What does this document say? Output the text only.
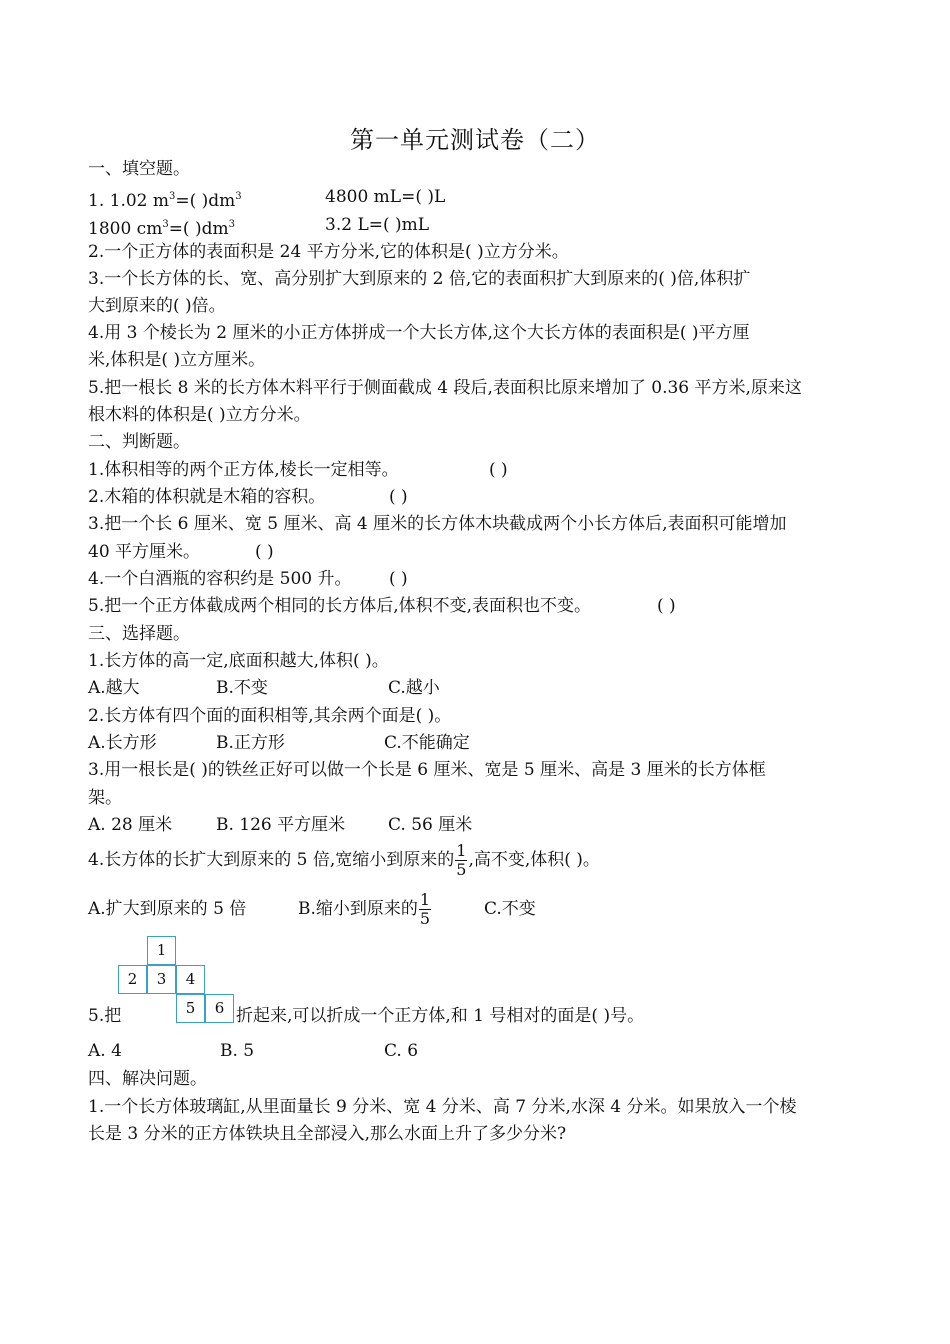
第一单元测试卷（二）
一、填空题。
1. 1.02 $m^3=$( )$dm^3$	4800 mL=( )L
1800 $cm^3=$( )$dm^3$	3.2 L=( )mL
2.一个正方体的表面积是 24 平方分米,它的体积是( )立方分米。
3.一个长方体的长、宽、高分别扩大到原来的 2 倍,它的表面积扩大到原来的( )倍,体积扩
大到原来的( )倍。
4.用 3 个棱长为 2 厘米的小正方体拼成一个大长方体,这个大长方体的表面积是( )平方厘
米,体积是( )立方厘米。
5.把一根长 8 米的长方体木料平行于侧面截成 4 段后,表面积比原来增加了 0.36 平方米,原来这
根木料的体积是( )立方分米。
二、判断题。
1.体积相等的两个正方体,棱长一定相等。	( )
2.木箱的体积就是木箱的容积。	( )
3.把一个长 6 厘米、宽 5 厘米、高 4 厘米的长方体木块截成两个小长方体后,表面积可能增加
40 平方厘米。	( )
4.一个白酒瓶的容积约是 500 升。 ( )
5.把一个正方体截成两个相同的长方体后,体积不变,表面积也不变。	( )
三、选择题。
1.长方体的高一定,底面积越大,体积( )。
A.越大	B.不变	C.越小
2.长方体有四个面的面积相等,其余两个面是( )。
A.长方形	B.正方形	C.不能确定
3.用一根长是( )的铁丝正好可以做一个长是 6 厘米、宽是 5 厘米、高是 3 厘米的长方体框
架。
A. 28 厘米	B. 126 平方厘米	C. 56 厘米
4.长方体的长扩大到原来的 5 倍,宽缩小到原来的 $\frac{1}{5}$ ,高不变,体积( )。
A.扩大到原来的 5 倍	B.缩小到原来的 $\frac{1}{5}$	C.不变
1
2	3	4
5	6
5.把	折起来,可以折成一个正方体,和 1 号相对的面是( )号。
A. 4	B. 5	C. 6
四、解决问题。
1.一个长方体玻璃缸,从里面量长 9 分米、宽 4 分米、高 7 分米,水深 4 分米。如果放入一个棱
长是 3 分米的正方体铁块且全部浸入,那么水面上升了多少分米?
